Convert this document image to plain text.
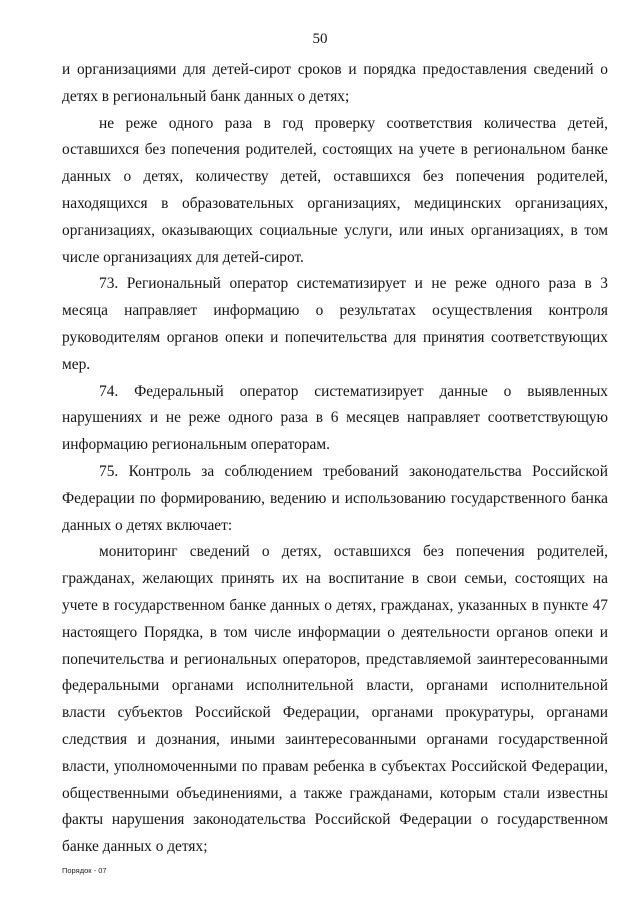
50

и организациями для детей-сирот сроков и порядка предоставления сведений о детях в региональный банк данных о детях;

не реже одного раза в год проверку соответствия количества детей, оставшихся без попечения родителей, состоящих на учете в региональном банке данных о детях, количеству детей, оставшихся без попечения родителей, находящихся в образовательных организациях, медицинских организациях, организациях, оказывающих социальные услуги, или иных организациях, в том числе организациях для детей-сирот.

73. Региональный оператор систематизирует и не реже одного раза в 3 месяца направляет информацию о результатах осуществления контроля руководителям органов опеки и попечительства для принятия соответствующих мер.

74. Федеральный оператор систематизирует данные о выявленных нарушениях и не реже одного раза в 6 месяцев направляет соответствующую информацию региональным операторам.

75. Контроль за соблюдением требований законодательства Российской Федерации по формированию, ведению и использованию государственного банка данных о детях включает:

мониторинг сведений о детях, оставшихся без попечения родителей, гражданах, желающих принять их на воспитание в свои семьи, состоящих на учете в государственном банке данных о детях, гражданах, указанных в пункте 47 настоящего Порядка, в том числе информации о деятельности органов опеки и попечительства и региональных операторов, представляемой заинтересованными федеральными органами исполнительной власти, органами исполнительной власти субъектов Российской Федерации, органами прокуратуры, органами следствия и дознания, иными заинтересованными органами государственной власти, уполномоченными по правам ребенка в субъектах Российской Федерации, общественными объединениями, а также гражданами, которым стали известны факты нарушения законодательства Российской Федерации о государственном банке данных о детях;

Порядок - 07
